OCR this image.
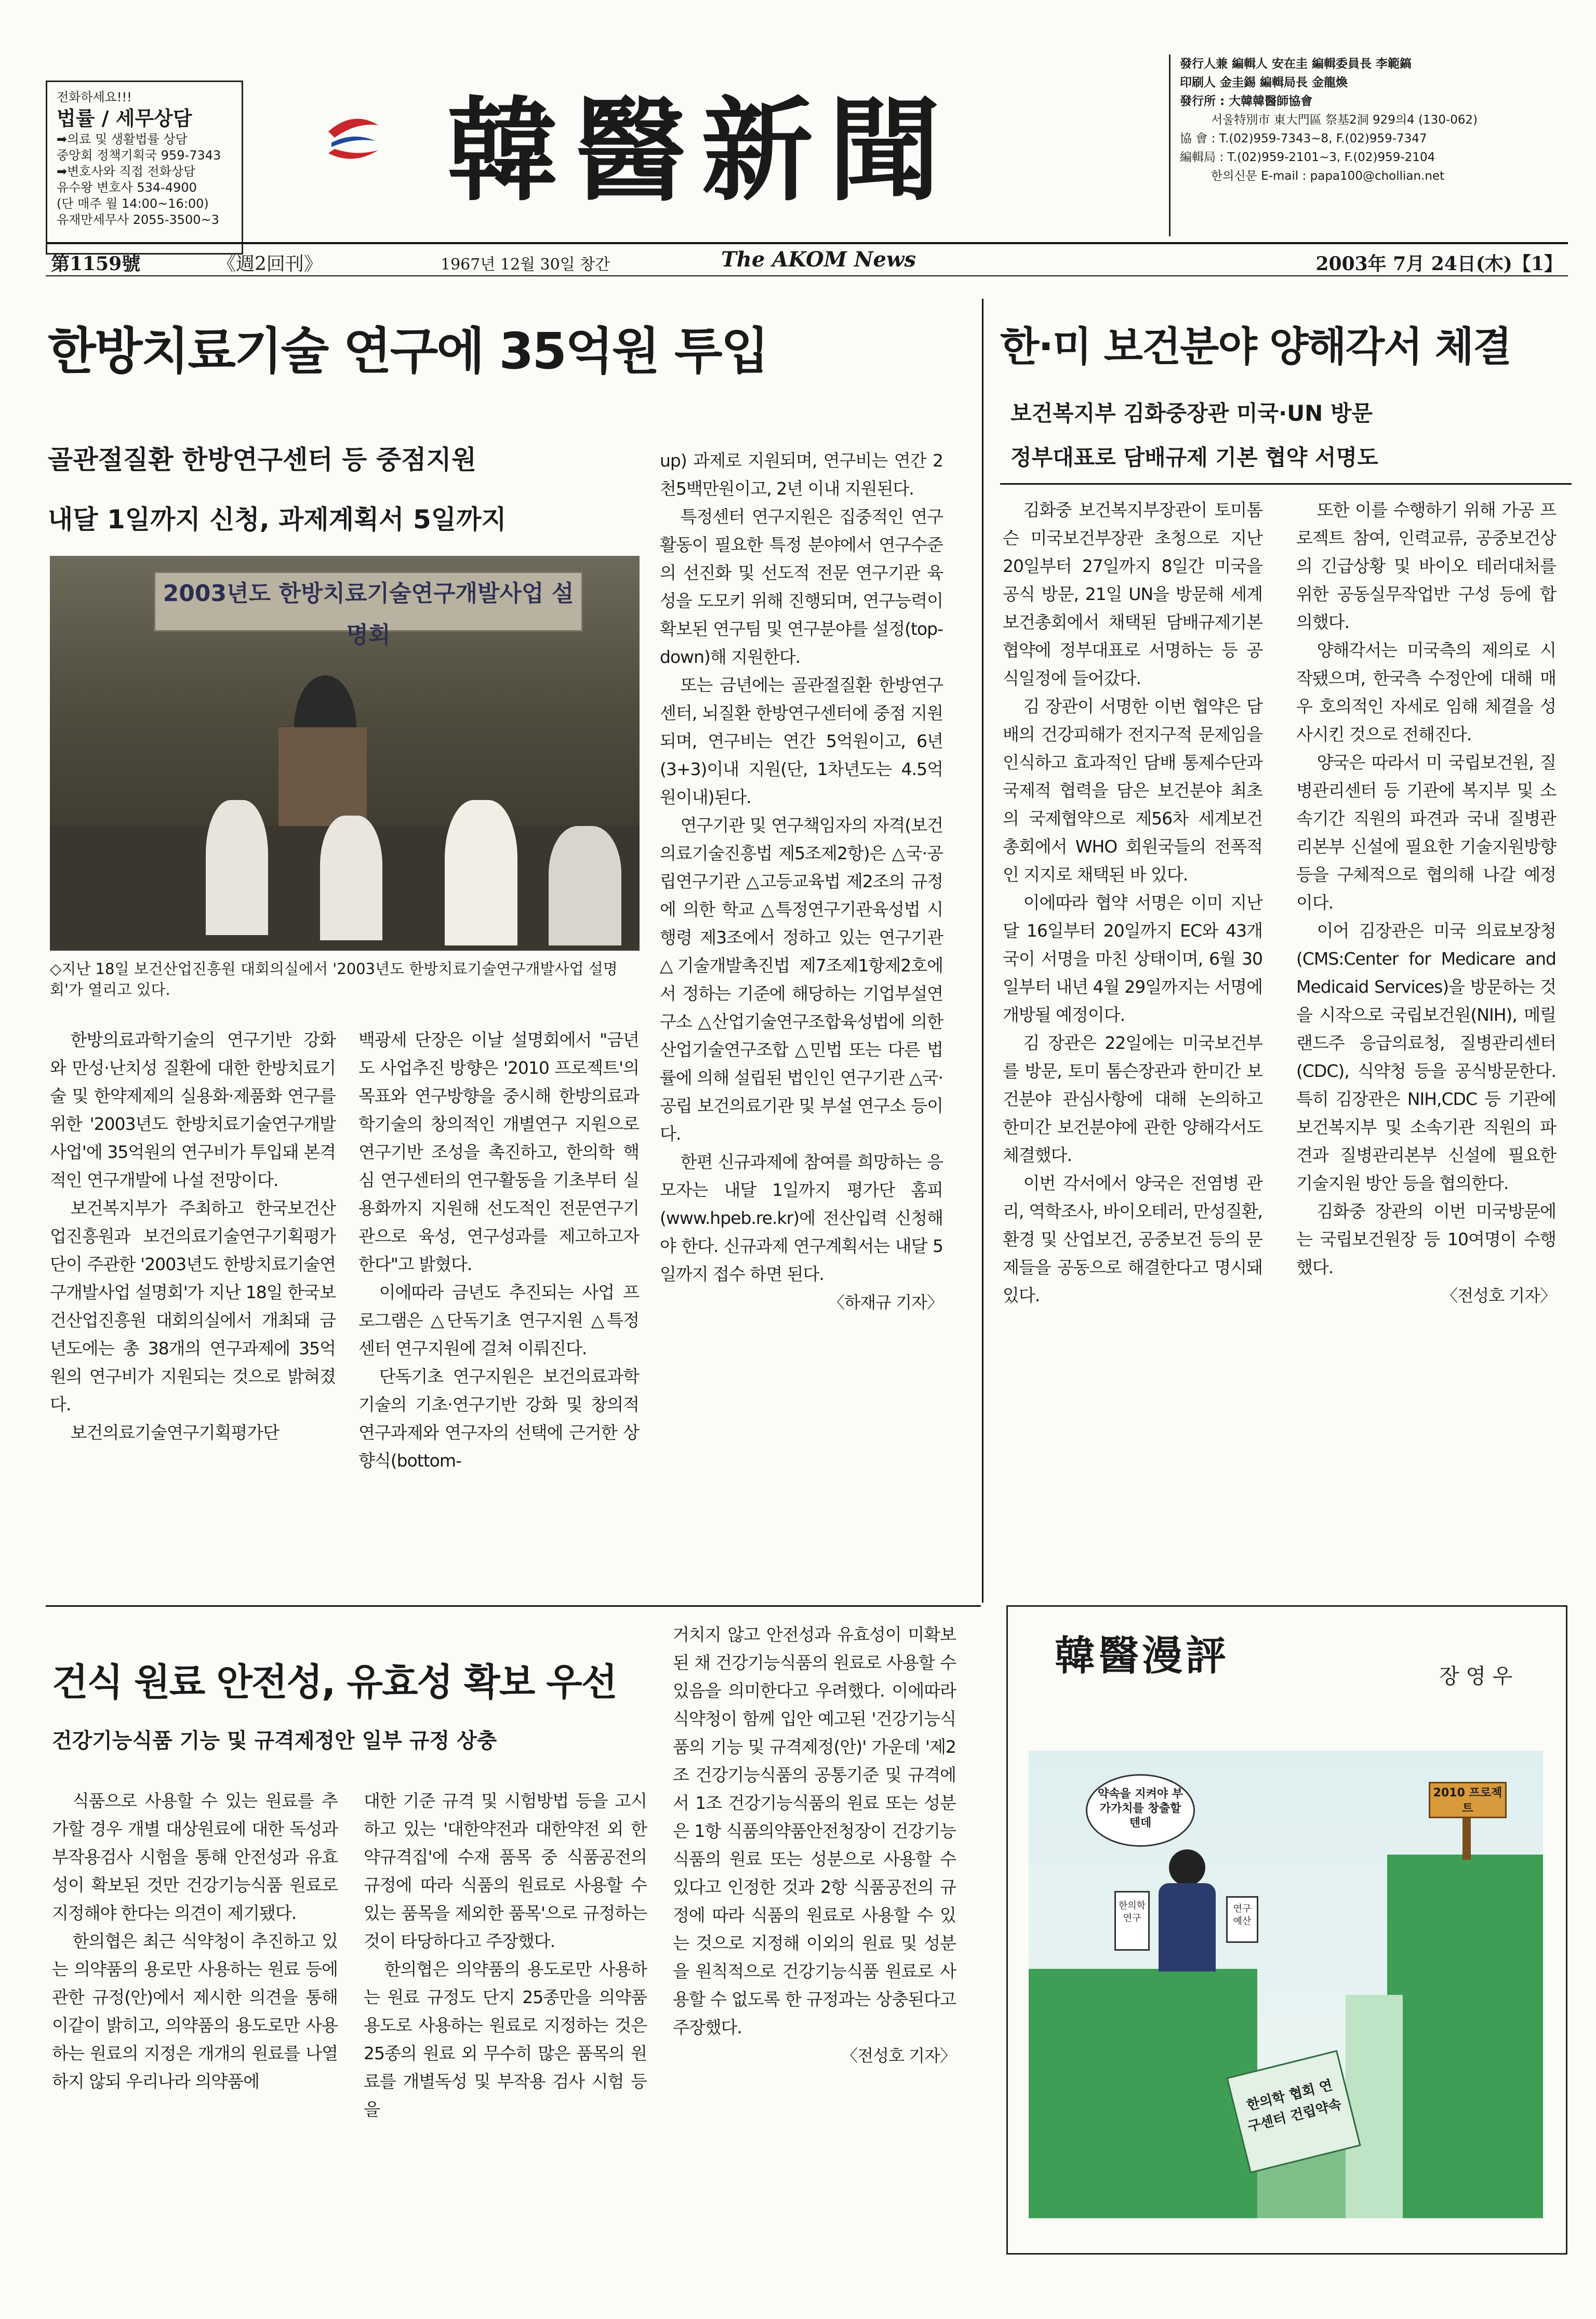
전화하세요!!!
법률 / 세무상담
➡의료 및 생활법률 상담
중앙회 정책기획국 959-7343
➡변호사와 직접 전화상담
유수왕 변호사 534-4900
(단 매주 월 14:00~16:00)
유재만세무사 2055-3500~3
韓醫新聞
發行人兼 編輯人 安在圭 編輯委員長 李範鎬
印刷人 金圭錫 編輯局長 金龍煥
發行所 : 大韓韓醫師協會
서울特別市 東大門區 祭基2洞 929의4 (130-062)
協 會 : T.(02)959-7343~8, F.(02)959-7347
編輯局 : T.(02)959-2101~3, F.(02)959-2104
한의신문 E-mail : papa100@chollian.net
第1159號	《週2回刊》	1967년 12월 30일 창간	The AKOM News	2003年 7月 24日(木)【1】
한방치료기술 연구에 35억원 투입
골관절질환 한방연구센터 등 중점지원
내달 1일까지 신청, 과제계획서 5일까지
2003년도 한방치료기술연구개발사업 설명회
◇지난 18일 보건산업진흥원 대회의실에서 '2003년도 한방치료기술연구개발사업 설명회'가 열리고 있다.

한방의료과학기술의 연구기반 강화와 만성·난치성 질환에 대한 한방치료기술 및 한약제제의 실용화·제품화 연구를 위한 '2003년도 한방치료기술연구개발사업'에 35억원의 연구비가 투입돼 본격적인 연구개발에 나설 전망이다.

보건복지부가 주최하고 한국보건산업진흥원과 보건의료기술연구기획평가단이 주관한 '2003년도 한방치료기술연구개발사업 설명회'가 지난 18일 한국보건산업진흥원 대회의실에서 개최돼 금년도에는 총 38개의 연구과제에 35억원의 연구비가 지원되는 것으로 밝혀졌다.

보건의료기술연구기획평가단

백광세 단장은 이날 설명회에서 "금년도 사업추진 방향은 '2010 프로젝트'의 목표와 연구방향을 중시해 한방의료과학기술의 창의적인 개별연구 지원으로 연구기반 조성을 촉진하고, 한의학 핵심 연구센터의 연구활동을 기초부터 실용화까지 지원해 선도적인 전문연구기관으로 육성, 연구성과를 제고하고자 한다"고 밝혔다.

이에따라 금년도 추진되는 사업 프로그램은 △단독기초 연구지원 △특정센터 연구지원에 걸쳐 이뤄진다.

단독기초 연구지원은 보건의료과학기술의 기초·연구기반 강화 및 창의적 연구과제와 연구자의 선택에 근거한 상향식(bottom-

up) 과제로 지원되며, 연구비는 연간 2천5백만원이고, 2년 이내 지원된다.

특정센터 연구지원은 집중적인 연구활동이 필요한 특정 분야에서 연구수준의 선진화 및 선도적 전문 연구기관 육성을 도모키 위해 진행되며, 연구능력이 확보된 연구팀 및 연구분야를 설정(top-down)해 지원한다.

또는 금년에는 골관절질환 한방연구센터, 뇌질환 한방연구센터에 중점 지원되며, 연구비는 연간 5억원이고, 6년(3+3)이내 지원(단, 1차년도는 4.5억원이내)된다.

연구기관 및 연구책임자의 자격(보건의료기술진흥법 제5조제2항)은 △국·공립연구기관 △고등교육법 제2조의 규정에 의한 학교 △특정연구기관육성법 시행령 제3조에서 정하고 있는 연구기관 △기술개발촉진법 제7조제1항제2호에서 정하는 기준에 해당하는 기업부설연구소 △산업기술연구조합육성법에 의한 산업기술연구조합 △민법 또는 다른 법률에 의해 설립된 법인인 연구기관 △국·공립 보건의료기관 및 부설 연구소 등이다.

한편 신규과제에 참여를 희망하는 응모자는 내달 1일까지 평가단 홈피(www.hpeb.re.kr)에 전산입력 신청해야 한다. 신규과제 연구계획서는 내달 5일까지 접수 하면 된다.

〈하재규 기자〉
한·미 보건분야 양해각서 체결
보건복지부 김화중장관 미국·UN 방문
정부대표로 담배규제 기본 협약 서명도

김화중 보건복지부장관이 토미톰슨 미국보건부장관 초청으로 지난 20일부터 27일까지 8일간 미국을 공식 방문, 21일 UN을 방문해 세계보건총회에서 채택된 담배규제기본 협약에 정부대표로 서명하는 등 공식일정에 들어갔다.

김 장관이 서명한 이번 협약은 담배의 건강피해가 전지구적 문제임을 인식하고 효과적인 담배 통제수단과 국제적 협력을 담은 보건분야 최초의 국제협약으로 제56차 세계보건총회에서 WHO 회원국들의 전폭적인 지지로 채택된 바 있다.

이에따라 협약 서명은 이미 지난달 16일부터 20일까지 EC와 43개국이 서명을 마친 상태이며, 6월 30일부터 내년 4월 29일까지는 서명에 개방될 예정이다.

김 장관은 22일에는 미국보건부를 방문, 토미 톰슨장관과 한미간 보건분야 관심사항에 대해 논의하고 한미간 보건분야에 관한 양해각서도 체결했다.

이번 각서에서 양국은 전염병 관리, 역학조사, 바이오테러, 만성질환, 환경 및 산업보건, 공중보건 등의 문제들을 공동으로 해결한다고 명시돼 있다.

또한 이를 수행하기 위해 가공 프로젝트 참여, 인력교류, 공중보건상의 긴급상황 및 바이오 테러대처를 위한 공동실무작업반 구성 등에 합의했다.

양해각서는 미국측의 제의로 시작됐으며, 한국측 수정안에 대해 매우 호의적인 자세로 임해 체결을 성사시킨 것으로 전해진다.

양국은 따라서 미 국립보건원, 질병관리센터 등 기관에 복지부 및 소속기간 직원의 파견과 국내 질병관리본부 신설에 필요한 기술지원방향 등을 구체적으로 협의해 나갈 예정이다.

이어 김장관은 미국 의료보장청(CMS:Center for Medicare and Medicaid Services)을 방문하는 것을 시작으로 국립보건원(NIH), 메릴랜드주 응급의료청, 질병관리센터(CDC), 식약청 등을 공식방문한다. 특히 김장관은 NIH,CDC 등 기관에 보건복지부 및 소속기관 직원의 파견과 질병관리본부 신설에 필요한 기술지원 방안 등을 협의한다.

김화중 장관의 이번 미국방문에는 국립보건원장 등 10여명이 수행했다.

〈전성호 기자〉
건식 원료 안전성, 유효성 확보 우선
건강기능식품 기능 및 규격제정안 일부 규정 상충

식품으로 사용할 수 있는 원료를 추가할 경우 개별 대상원료에 대한 독성과 부작용검사 시험을 통해 안전성과 유효성이 확보된 것만 건강기능식품 원료로 지정해야 한다는 의견이 제기됐다.

한의협은 최근 식약청이 추진하고 있는 의약품의 용로만 사용하는 원료 등에 관한 규정(안)에서 제시한 의견을 통해 이같이 밝히고, 의약품의 용도로만 사용하는 원료의 지정은 개개의 원료를 나열하지 않되 우리나라 의약품에

대한 기준 규격 및 시험방법 등을 고시하고 있는 '대한약전과 대한약전 외 한약규격집'에 수재 품목 중 식품공전의 규정에 따라 식품의 원료로 사용할 수 있는 품목을 제외한 품목'으로 규정하는 것이 타당하다고 주장했다.

한의협은 의약품의 용도로만 사용하는 원료 규정도 단지 25종만을 의약품 용도로 사용하는 원료로 지정하는 것은 25종의 원료 외 무수히 많은 품목의 원료를 개별독성 및 부작용 검사 시험 등을

거치지 않고 안전성과 유효성이 미확보된 채 건강기능식품의 원료로 사용할 수 있음을 의미한다고 우려했다. 이에따라 식약청이 함께 입안 예고된 '건강기능식품의 기능 및 규격제정(안)' 가운데 '제2조 건강기능식품의 공통기준 및 규격에서 1조 건강기능식품의 원료 또는 성분은 1항 식품의약품안전청장이 건강기능식품의 원료 또는 성분으로 사용할 수 있다고 인정한 것과 2항 식품공전의 규정에 따라 식품의 원료로 사용할 수 있는 것으로 지정해 이외의 원료 및 성분을 원칙적으로 건강기능식품 원료로 사용할 수 없도록 한 규정과는 상충된다고 주장했다.

〈전성호 기자〉
韓醫漫評	장 영 우
약속을 지켜야 부가가치를 창출할텐데
한의학 연구
연구 예산
2010 프로젝트
한의학 협회 연구센터 건립약속
